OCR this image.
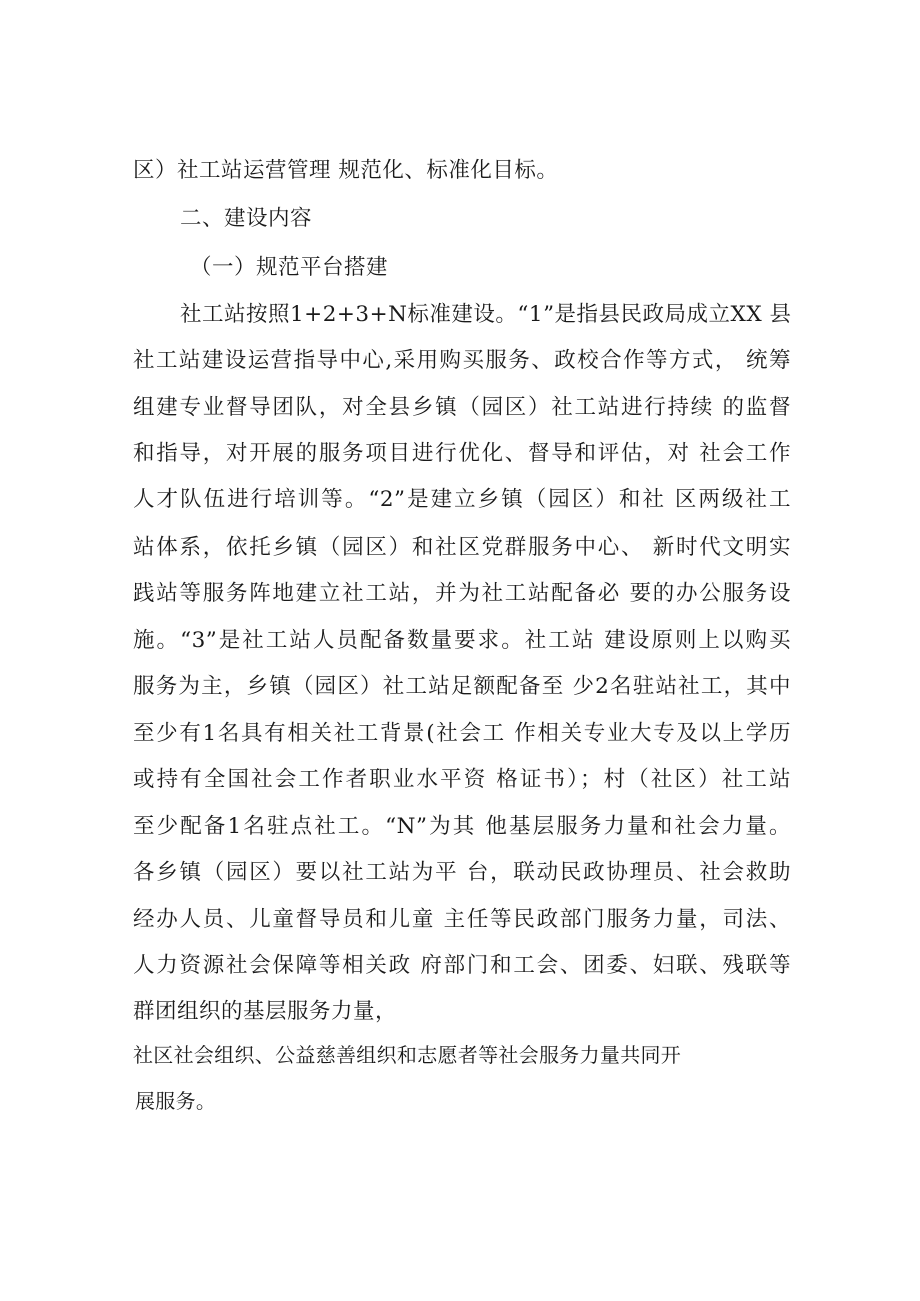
区）社工站运营管理 规范化、标准化目标。
二、建设内容
（一）规范平台搭建
社工站按照1+2+3+N标准建设。“1”是指县民政局成立XX 县
社工站建设运营指导中心,采用购买服务、政校合作等方式， 统筹
组建专业督导团队，对全县乡镇（园区）社工站进行持续 的监督
和指导，对开展的服务项目进行优化、督导和评估，对 社会工作
人才队伍进行培训等。“2”是建立乡镇（园区）和社 区两级社工
站体系，依托乡镇（园区）和社区党群服务中心、 新时代文明实
践站等服务阵地建立社工站，并为社工站配备必 要的办公服务设
施。“3”是社工站人员配备数量要求。社工站 建设原则上以购买
服务为主，乡镇（园区）社工站足额配备至 少2名驻站社工，其中
至少有1名具有相关社工背景(社会工 作相关专业大专及以上学历
或持有全国社会工作者职业水平资 格证书）；村（社区）社工站
至少配备1名驻点社工。“N”为其 他基层服务力量和社会力量。
各乡镇（园区）要以社工站为平 台，联动民政协理员、社会救助
经办人员、儿童督导员和儿童 主任等民政部门服务力量，司法、
人力资源社会保障等相关政 府部门和工会、团委、妇联、残联等
群团组织的基层服务力量，
社区社会组织、公益慈善组织和志愿者等社会服务力量共同开
展服务。
